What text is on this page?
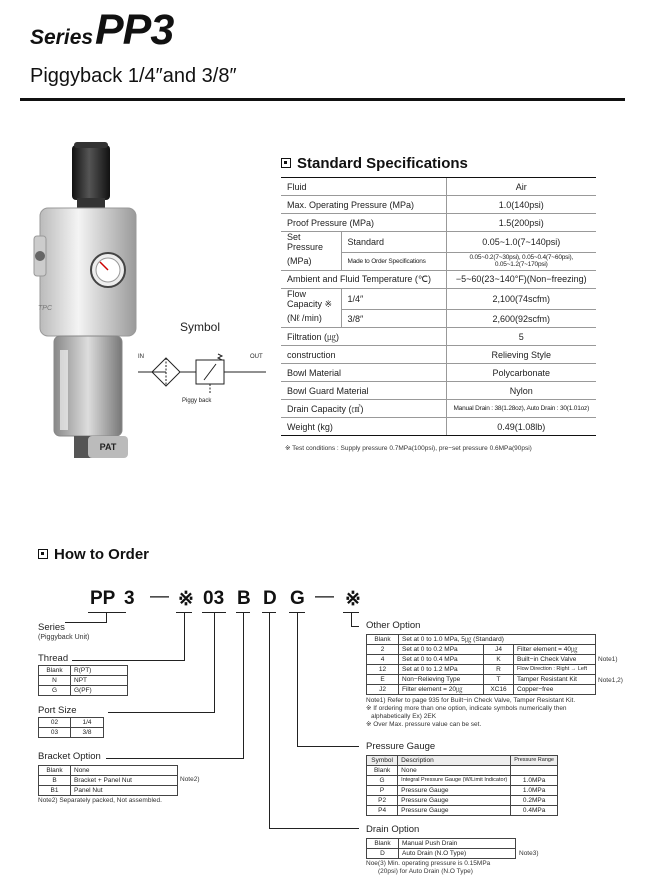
Series PP3
Piggyback 1/4″and 3/8″
TPC
PAT
Symbol
IN	OUT
Piggy back
Standard Specifications
Fluid		Air
Max. Operating Pressure (MPa)		1.0(140psi)
Proof Pressure (MPa)		1.5(200psi)
Set Pressure	Standard	0.05~1.0(7~140psi)
(MPa)	Made to Order Specifications	0.05~0.2(7~30psi), 0.05~0.4(7~60psi), 0.05~1.2(7~170psi)
Ambient and Fluid Temperature (℃)		−5~60(23~140°F)(Non−freezing)
Flow Capacity ※	1/4″	2,100(74scfm)
(Nℓ /min)	3/8″	2,600(92scfm)
Filtration (㎍)		5
construction		Relieving Style
Bowl Material		Polycarbonate
Bowl Guard Material		Nylon
Drain Capacity (㎤)		Manual Drain : 38(1.28oz), Auto Drain : 30(1.01oz)
Weight (kg)		0.49(1.08lb)
※ Test conditions : Supply pressure 0.7MPa(100psi), pre−set pressure 0.6MPa(90psi)
How to Order
PP 3 — ※ 03 B D G — ※
Series
(Piggyback Unit)
Thread
Blank	R(PT)
N	NPT
G	G(PF)
Port Size
02	1/4
03	3/8
Bracket Option
Blank	None
B	Bracket + Panel Nut
B1	Panel Nut
Note2)
Note2) Separately packed, Not assembled.
Other Option
Blank	Set at 0 to 1.0 MPa, 5㎍ (Standard)		
2	Set at 0 to 0.2 MPa	J4	Filter element = 40㎍
4	Set at 0 to 0.4 MPa	K	Built−in Check Valve
12	Set at 0 to 1.2 MPa	R	Flow Direction : Right → Left
E	Non−Relieving Type	T	Tamper Resistant Kit
J2	Filter element = 20㎍	XC16	Copper−free
Note1)
Note1,2)
Note1) Refer to page 935 for Built−in Check Valve, Tamper Resistant Kit.
※ If ordering more than one option, indicate symbols numerically then
alphabetically Ex) 2EK
※ Over Max. pressure value can be set.
Pressure Gauge
Symbol	Description	Pressure Range
Blank	None	
G	Integral Pressure Gauge (W/Limit Indicator)	1.0MPa
P	Pressure Gauge	1.0MPa
P2	Pressure Gauge	0.2MPa
P4	Pressure Gauge	0.4MPa
Drain Option
Blank	Manual Push Drain
D	Auto Drain (N.O Type)	Note3)
Noe(3) Min. operating pressure is 0.15MPa
(20psi) for Auto Drain (N.O Type)
